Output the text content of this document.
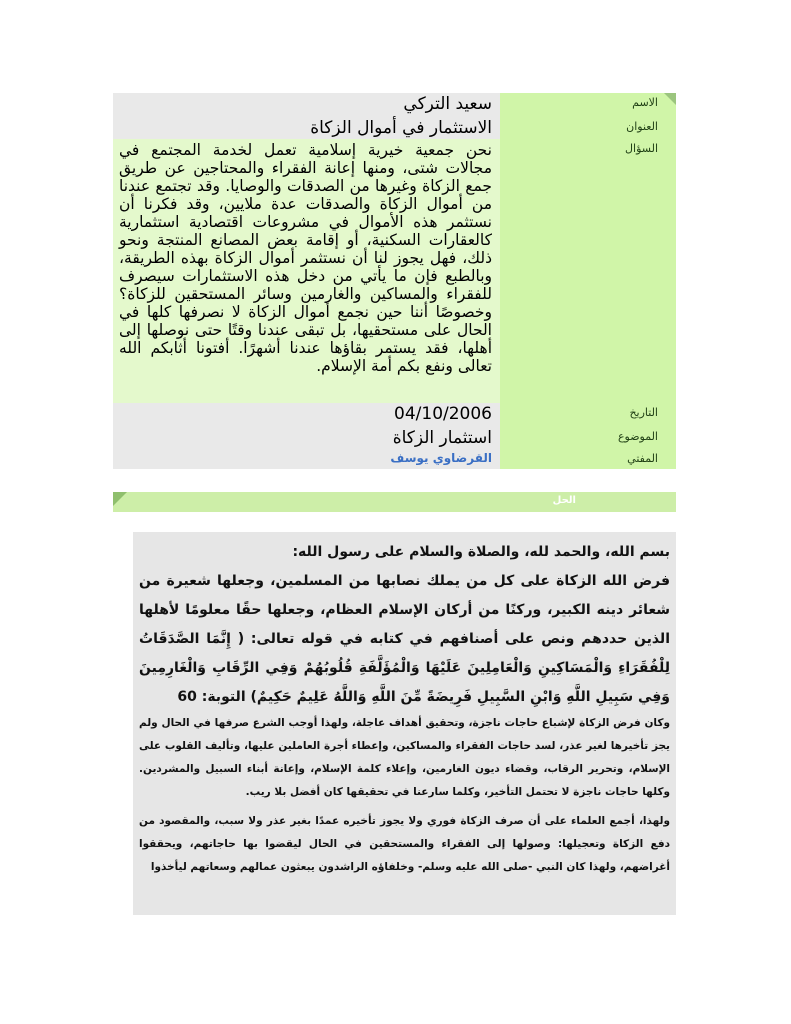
الاسم	سعيد التركي
العنوان	الاستثمار في أموال الزكاة
السؤال	نحن جمعية خيرية إسلامية تعمل لخدمة المجتمع في مجالات شتى، ومنها إعانة الفقراء والمحتاجين عن طريق جمع الزكاة وغيرها من الصدقات والوصايا. وقد تجتمع عندنا من أموال الزكاة والصدقات عدة ملايين، وقد فكرنا أن نستثمر هذه الأموال في مشروعات اقتصادية استثمارية كالعقارات السكنية، أو إقامة بعض المصانع المنتجة ونحو ذلك، فهل يجوز لنا أن نستثمر أموال الزكاة بهذه الطريقة، وبالطبع فإن ما يأتي من دخل هذه الاستثمارات سيصرف للفقراء والمساكين والغارمين وسائر المستحقين للزكاة؟ وخصوصًا أننا حين نجمع أموال الزكاة لا نصرفها كلها في الحال على مستحقيها، بل تبقى عندنا وقتًا حتى نوصلها إلى أهلها، فقد يستمر بقاؤها عندنا أشهرًا. أفتونا أثابكم الله تعالى ونفع بكم أمة الإسلام.
التاريخ	04/10/2006
الموضوع	استثمار الزكاة
المفتي	القرضاوي يوسف
الحل

بسم الله، والحمد لله، والصلاة والسلام على رسول الله:

فرض الله الزكاة على كل من يملك نصابها من المسلمين، وجعلها شعيرة من شعائر دينه الكبير، وركنًا من أركان الإسلام العظام، وجعلها حقًا معلومًا لأهلها الذين حددهم ونص على أصنافهم في كتابه في قوله تعالى: ( إِنَّمَا الصَّدَقَاتُ لِلْفُقَرَاءِ وَالْمَسَاكِينِ وَالْعَامِلِينَ عَلَيْهَا وَالْمُؤَلَّفَةِ قُلُوبُهُمْ وَفِي الرِّقَابِ وَالْغَارِمِينَ وَفِي سَبِيلِ اللَّهِ وَابْنِ السَّبِيلِ فَرِيضَةً مِّنَ اللَّهِ وَاللَّهُ عَلِيمٌ حَكِيمٌ) التوبة: 60

وكان فرض الزكاة لإشباع حاجات ناجزة، وتحقيق أهداف عاجلة، ولهذا أوجب الشرع صرفها في الحال ولم يجز تأخيرها لغير عذر، لسد حاجات الفقراء والمساكين، وإعطاء أجرة العاملين عليها، وتأليف القلوب على الإسلام، وتحرير الرقاب، وقضاء ديون الغارمين، وإعلاء كلمة الإسلام، وإعانة أبناء السبيل والمشردين. وكلها حاجات ناجزة لا تحتمل التأخير، وكلما سارعنا في تحقيقها كان أفضل بلا ريب.

ولهذا، أجمع العلماء على أن صرف الزكاة فوري ولا يجوز تأخيره عمدًا بغير عذر ولا سبب، والمقصود من دفع الزكاة وتعجيلها: وصولها إلى الفقراء والمستحقين في الحال ليقضوا بها حاجاتهم، ويحققوا أغراضهم، ولهذا كان النبي -صلى الله عليه وسلم- وخلفاؤه الراشدون يبعثون عمالهم وسعاتهم ليأخذوا
